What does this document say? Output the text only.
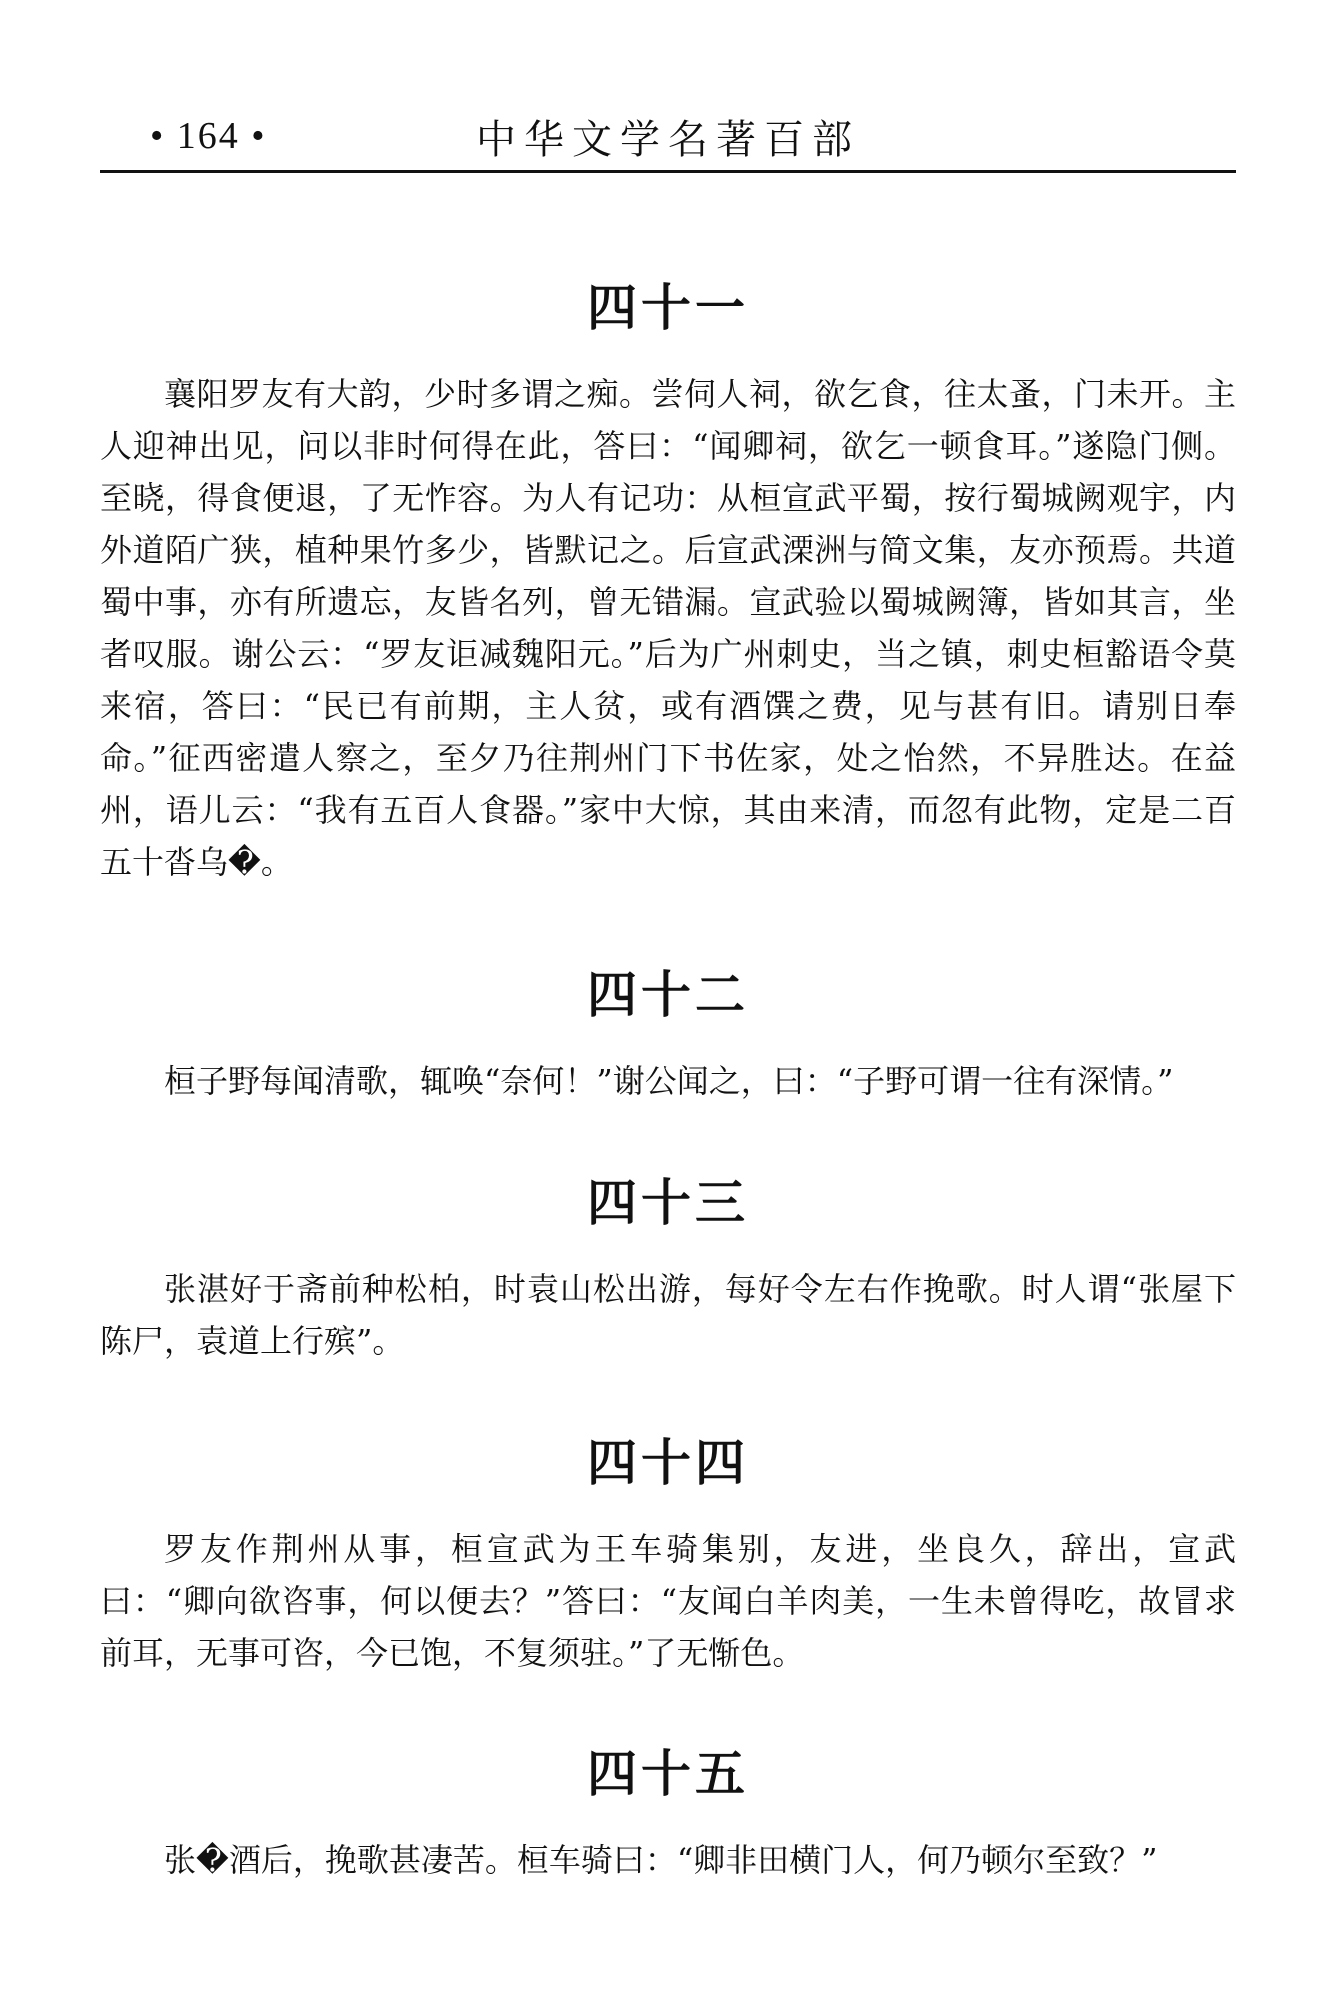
• 164 •	中华文学名著百部
四十一

襄阳罗友有大韵，少时多谓之痴。尝伺人祠，欲乞食，往太蚤，门未开。主人迎神出见，问以非时何得在此，答曰：“闻卿祠，欲乞一顿食耳。”遂隐门侧。至晓，得食便退，了无怍容。为人有记功：从桓宣武平蜀，按行蜀城阙观宇，内外道陌广狭，植种果竹多少，皆默记之。后宣武溧洲与简文集，友亦预焉。共道蜀中事，亦有所遗忘，友皆名列，曾无错漏。宣武验以蜀城阙簿，皆如其言，坐者叹服。谢公云：“罗友讵减魏阳元。”后为广州刺史，当之镇，刺史桓豁语令莫来宿，答曰：“民已有前期，主人贫，或有酒馔之费，见与甚有旧。请别日奉命。”征西密遣人察之，至夕乃往荆州门下书佐家，处之怡然，不异胜达。在益州，语儿云：“我有五百人食器。”家中大惊，其由来清，而忽有此物，定是二百五十沓乌�。

四十二

桓子野每闻清歌，辄唤“奈何！”谢公闻之，曰：“子野可谓一往有深情。”

四十三

张湛好于斋前种松柏，时袁山松出游，每好令左右作挽歌。时人谓“张屋下陈尸，袁道上行殡”。

四十四

罗友作荆州从事，桓宣武为王车骑集别，友进，坐良久，辞出，宣武曰：“卿向欲咨事，何以便去？”答曰：“友闻白羊肉美，一生未曾得吃，故冒求前耳，无事可咨，今已饱，不复须驻。”了无惭色。

四十五

张�酒后，挽歌甚凄苦。桓车骑曰：“卿非田横门人，何乃顿尔至致？”
